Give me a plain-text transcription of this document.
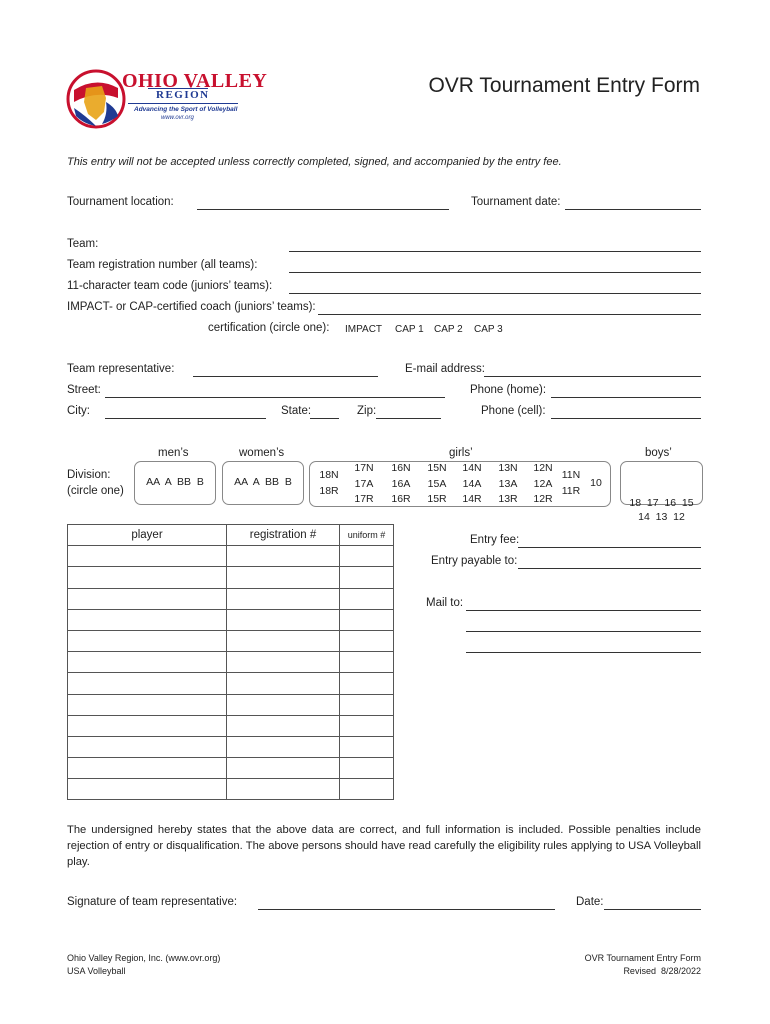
OHIO VALLEY
REGION
Advancing the Sport of Volleyball
www.ovr.org
OVR Tournament Entry Form
This entry will not be accepted unless correctly completed, signed, and accompanied by the entry fee.
Tournament location:	Tournament date:
Team:
Team registration number (all teams):
11-character team code (juniors’ teams):
IMPACT- or CAP-certified coach (juniors’ teams):
certification (circle one): IMPACT CAP 1 CAP 2 CAP 3
Team representative:	E-mail address:
Street:	Phone (home):
City:	State:	Zip:	Phone (cell):
men’s	women’s	girls’	boys’
Division:
(circle one)
AA  A  BB  B	AA  A  BB  B
18N
18R
17N
17A
17R
16N
16A
16R
15N
15A
15R
14N
14A
14R
13N
13A
13R
12N
12A
12R
11N
11R
10

18  17  16  15
14  13  12

player	registration #	uniform #

			Entry fee:
Entry payable to:
Mail to:
The undersigned hereby states that the above data are correct, and full information is included. Possible penalties include rejection of entry or disqualification. The above persons should have read carefully the eligibility rules applying to USA Volleyball play.
Signature of team representative:	Date:
Ohio Valley Region, Inc. (www.ovr.org)
USA Volleyball
OVR Tournament Entry Form
Revised  8/28/2022
